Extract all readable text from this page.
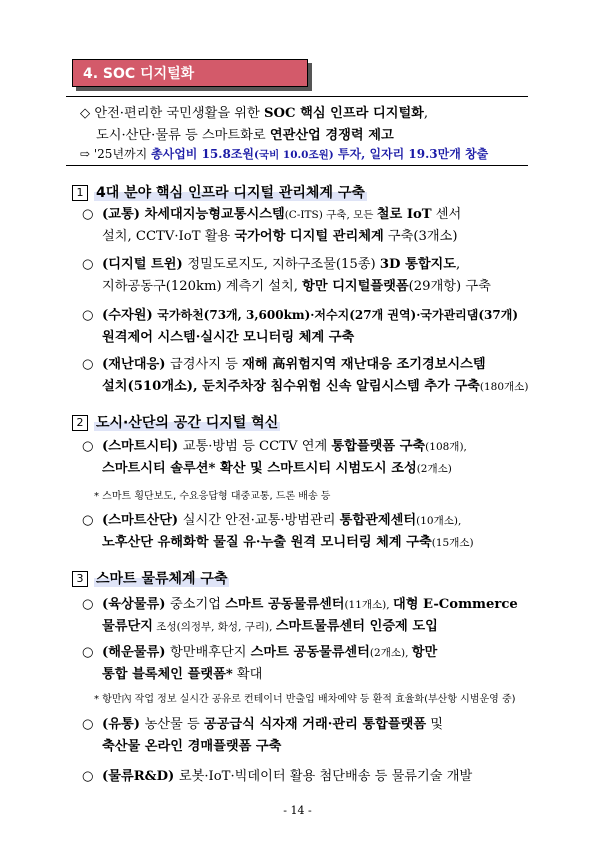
4. SOC 디지털화
◇ 안전·편리한 국민생활을 위한 SOC 핵심 인프라 디지털화,
도시·산단·물류 등 스마트화로 연관산업 경쟁력 제고
⇨ '25년까지 총사업비 15.8조원(국비 10.0조원) 투자, 일자리 19.3만개 창출
1 4대 분야 핵심 인프라 디지털 관리체계 구축
○ (교통) 차세대지능형교통시스템(C-ITS) 구축, 모든 철로 IoT 센서
설치, CCTV·IoT 활용 국가어항 디지털 관리체계 구축(3개소)
○ (디지털 트윈) 정밀도로지도, 지하구조물(15종) 3D 통합지도,
지하공동구(120km) 계측기 설치, 항만 디지털플랫폼(29개항) 구축
○ (수자원) 국가하천(73개, 3,600km)·저수지(27개 권역)·국가관리댐(37개)
원격제어 시스템·실시간 모니터링 체계 구축
○ (재난대응) 급경사지 등 재해 高위험지역 재난대응 조기경보시스템
설치(510개소), 둔치주차장 침수위험 신속 알림시스템 추가 구축(180개소)
2 도시·산단의 공간 디지털 혁신
○ (스마트시티) 교통·방범 등 CCTV 연계 통합플랫폼 구축(108개),
스마트시티 솔루션* 확산 및 스마트시티 시범도시 조성(2개소)
* 스마트 횡단보도, 수요응답형 대중교통, 드론 배송 등
○ (스마트산단) 실시간 안전·교통·방범관리 통합관제센터(10개소),
노후산단 유해화학 물질 유·누출 원격 모니터링 체계 구축(15개소)
3 스마트 물류체계 구축
○ (육상물류) 중소기업 스마트 공동물류센터(11개소), 대형 E-Commerce
물류단지 조성(의정부, 화성, 구리), 스마트물류센터 인증제 도입
○ (해운물류) 항만배후단지 스마트 공동물류센터(2개소), 항만
통합 블록체인 플랫폼* 확대
* 항만內 작업 정보 실시간 공유로 컨테이너 반출입 배차예약 등 환적 효율화(부산항 시범운영 중)
○ (유통) 농산물 등 공공급식 식자재 거래·관리 통합플랫폼 및
축산물 온라인 경매플랫폼 구축
○ (물류R&D) 로봇·IoT·빅데이터 활용 첨단배송 등 물류기술 개발
- 14 -
